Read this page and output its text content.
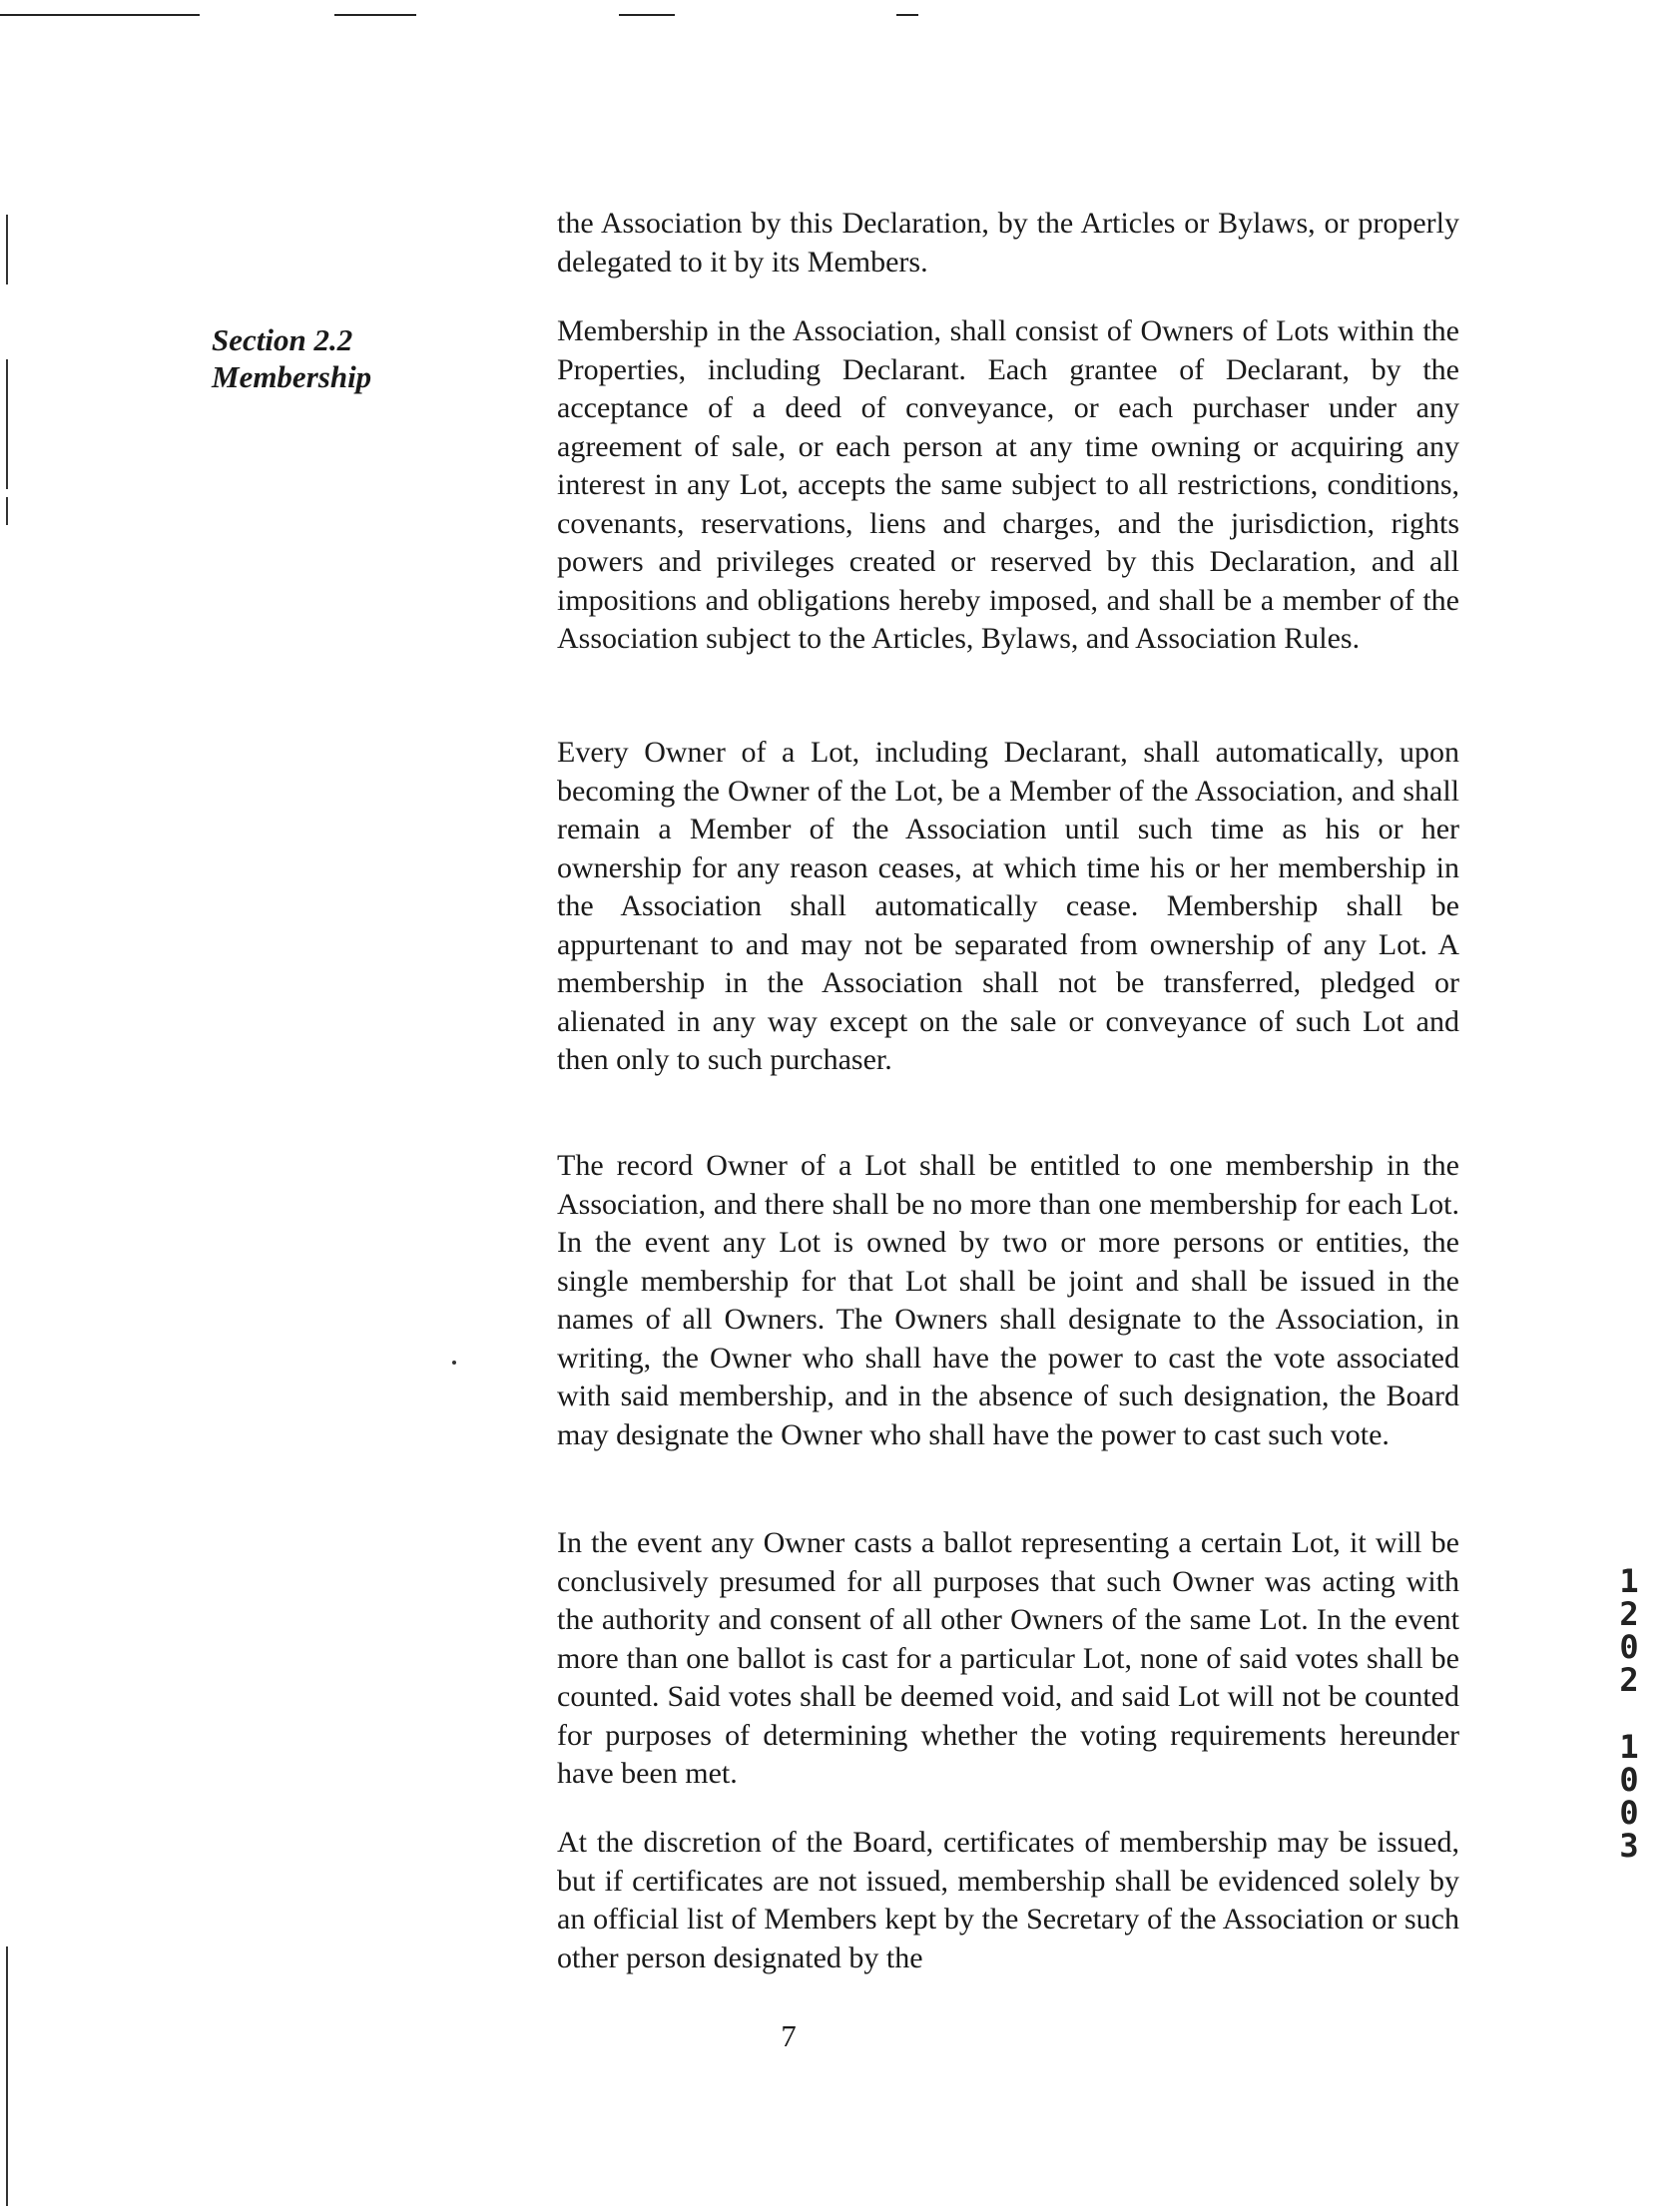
Section 2.2
Membership

the Association by this Declaration, by the Articles or Bylaws, or properly delegated to it by its Members.

Membership in the Association, shall consist of Owners of Lots within the Properties, including Declarant. Each grantee of Declarant, by the acceptance of a deed of conveyance, or each purchaser under any agreement of sale, or each person at any time owning or acquiring any interest in any Lot, accepts the same subject to all restrictions, conditions, covenants, reservations, liens and charges, and the jurisdiction, rights powers and privileges created or reserved by this Declaration, and all impositions and obligations hereby imposed, and shall be a member of the Association subject to the Articles, Bylaws, and Association Rules.

Every Owner of a Lot, including Declarant, shall automatically, upon becoming the Owner of the Lot, be a Member of the Association, and shall remain a Member of the Association until such time as his or her ownership for any reason ceases, at which time his or her membership in the Association shall automatically cease. Membership shall be appurtenant to and may not be separated from ownership of any Lot. A membership in the Association shall not be transferred, pledged or alienated in any way except on the sale or conveyance of such Lot and then only to such purchaser.

The record Owner of a Lot shall be entitled to one membership in the Association, and there shall be no more than one membership for each Lot. In the event any Lot is owned by two or more persons or entities, the single membership for that Lot shall be joint and shall be issued in the names of all Owners. The Owners shall designate to the Association, in writing, the Owner who shall have the power to cast the vote associated with said membership, and in the absence of such designation, the Board may designate the Owner who shall have the power to cast such vote.

In the event any Owner casts a ballot representing a certain Lot, it will be conclusively presumed for all purposes that such Owner was acting with the authority and consent of all other Owners of the same Lot. In the event more than one ballot is cast for a particular Lot, none of said votes shall be counted. Said votes shall be deemed void, and said Lot will not be counted for purposes of determining whether the voting requirements hereunder have been met.

At the discretion of the Board, certificates of membership may be issued, but if certificates are not issued, membership shall be evidenced solely by an official list of Members kept by the Secretary of the Association or such other person designated by the

7
1
2
0
2
1
0
0
3
